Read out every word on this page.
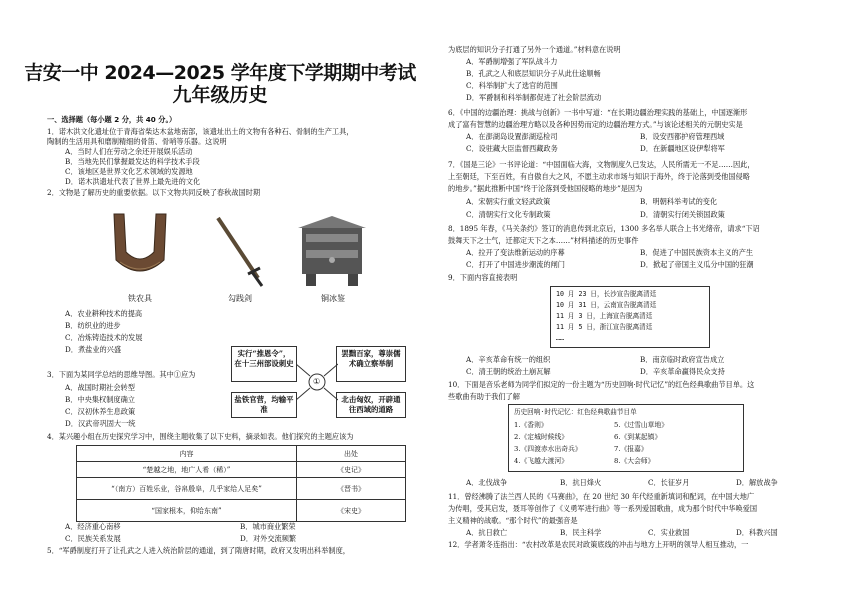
吉安一中 2024—2025 学年度下学期期中考试
九年级历史
一、选择题（每小题 2 分，共 40 分。）
1．诺木洪文化遗址位于青海省柴达木盆地南部，该遗址出土的文物有各种石、骨制的生产工具，
陶制的生活用具和磨制精细的骨笛、骨哨等乐器。这说明
A．当时人们在劳动之余还开展娱乐活动
B．当地先民们掌握最发达的科学技术手段
C．该地区是世界文化艺术领域的发源地
D．诺木洪遗址代表了世界上最先进的文化
2．文物是了解历史的重要依据。以下文物共同反映了春秋战国时期
铁农具	勾践剑	铜冰鉴
A．农业耕种技术的提高
B．纺织业的进步
C．冶炼铸造技术的发展
D．煮盐业的兴盛
3．下面为某同学总结的思维导图。其中①应为
实行“推恩令”，在十三州部设刺史
罢黜百家，尊崇儒术确立察举制
盐铁官营，均输平准
北击匈奴，开辟通往西域的道路
①
A．战国时期社会转型
B．中央集权制度确立
C．汉初休养生息政策
D．汉武帝巩固大一统
4．某兴趣小组在历史探究学习中，围绕主题收集了以下史料，摘录如表。他们探究的主题应该为
内容	出处
“楚越之地，地广人希（稀）”	《史记》
“（南方）百姓乐业，谷帛殷阜，几乎家给人足矣”	《晋书》
“国家根本，仰给东南”	《宋史》
A．经济重心南移	B．城市商业繁荣
C．民族关系发展	D．对外交流频繁
5．“军爵制度打开了让孔武之人进入统治阶层的通道，到了隋唐时期，政府又发明出科举制度，
为底层的知识分子打通了另外一个通道。”材料意在说明
A．军爵制增强了军队战斗力
B．孔武之人和底层知识分子从此仕途顺畅
C．科举制扩大了选官的范围
D．军爵制和科举制都促进了社会阶层流动
6．《中国的边疆治理：挑战与创新》一书中写道：“在长期边疆治理实践的基础上，中国逐渐形
成了富有智慧的边疆治理方略以及各种因势而定的边疆治理方式。”与该论述相关的元朝史实是
A．在澎湖岛设置澎湖巡检司	B．设安西都护府管理西域
C．设驻藏大臣监督西藏政务	D．在新疆地区设伊犁将军
7．《国是三论》一书评论道：“中国面临大海，文物制度久已发达，人民所需无一不足……因此，
上至朝廷，下至百姓，有自傲自大之风，不愿主动求市场与知识于海外，终于沦落到受他国侵略
的地步。”据此推断中国“终于沦落到受他国侵略的地步”是因为
A．宋朝实行重文轻武政策	B．明朝科举考试的变化
C．清朝实行文化专制政策	D．清朝实行闭关锁国政策
8．1895 年春，《马关条约》签订的消息传到北京后，1300 多名举人联合上书光绪帝，请求“下诏
鼓舞天下之士气，迁都定天下之本……”材料描述的历史事件
A．拉开了变法维新运动的序幕	B．促进了中国民族资本主义的产生
C．打开了中国进步潮流的闸门	D．掀起了帝国主义瓜分中国的狂潮
9．下面内容直接表明
10 月 23 日，长沙宣告脱离清廷
10 月 31 日，云南宣告脱离清廷
11 月 3 日，上海宣告脱离清廷
11 月 5 日，浙江宣告脱离清廷
……
A．辛亥革命有统一的组织	B．南京临时政府宣告成立
C．清王朝的统治土崩瓦解	D．辛亥革命赢得民众支持
10．下面是音乐老师为同学们拟定的一份主题为“历史回响·时代记忆”的红色经典歌曲节目单。这
些歌曲有助于我们了解
历史回响·时代记忆：红色经典歌曲节目单
1.《香则》	5.《过雪山草地》
2.《定城时候线》	6.《到某起镇》
3.《四渡赤水出奇兵》	7.《报嘉》
4.《飞越大渡河》	8.《大会师》
A．北伐战争	B．抗日烽火	C．长征岁月	D．解放战争
11．曾经沸腾了法兰西人民的《马赛曲》，在 20 世纪 30 年代经重新填词和配词，在中国大地广
为传唱，受其启发，聂耳等创作了《义勇军进行曲》等一系列爱国歌曲，成为那个时代中华唤爱国
主义精神的战歌。“那个时代”的最强音是
A．抗日救亡	B．民主科学	C．实业救国	D．科教兴国
12．学者萧冬连指出：“农村改革是农民对政策底线的冲击与地方上开明的领导人相互推动，一
